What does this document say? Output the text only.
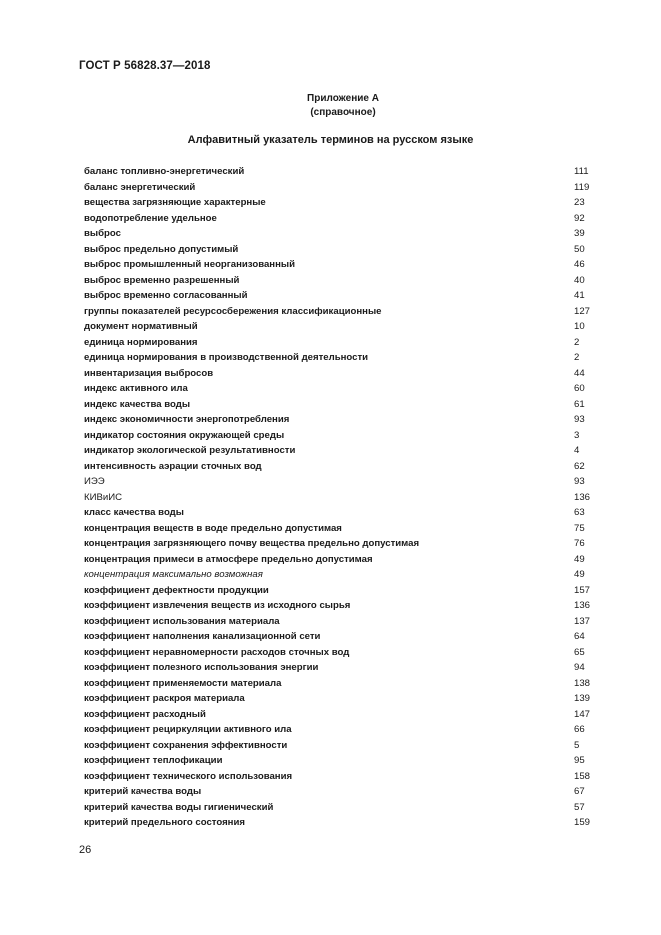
ГОСТ Р 56828.37—2018
Приложение А
(справочное)
Алфавитный указатель терминов на русском языке
баланс топливно-энергетический	111
баланс энергетический	119
вещества загрязняющие характерные	23
водопотребление удельное	92
выброс	39
выброс предельно допустимый	50
выброс промышленный неорганизованный	46
выброс временно разрешенный	40
выброс временно согласованный	41
группы показателей ресурсосбережения классификационные	127
документ нормативный	10
единица нормирования	2
единица нормирования в производственной деятельности	2
инвентаризация выбросов	44
индекс активного ила	60
индекс качества воды	61
индекс экономичности энергопотребления	93
индикатор состояния окружающей среды	3
индикатор экологической результативности	4
интенсивность аэрации сточных вод	62
ИЭЭ	93
КИВиИС	136
класс качества воды	63
концентрация веществ в воде предельно допустимая	75
концентрация загрязняющего почву вещества предельно допустимая	76
концентрация примеси в атмосфере предельно допустимая	49
концентрация максимально возможная	49
коэффициент дефектности продукции	157
коэффициент извлечения веществ из исходного сырья	136
коэффициент использования материала	137
коэффициент наполнения канализационной сети	64
коэффициент неравномерности расходов сточных вод	65
коэффициент полезного использования энергии	94
коэффициент применяемости материала	138
коэффициент раскроя материала	139
коэффициент расходный	147
коэффициент рециркуляции активного ила	66
коэффициент сохранения эффективности	5
коэффициент теплофикации	95
коэффициент технического использования	158
критерий качества воды	67
критерий качества воды гигиенический	57
критерий предельного состояния	159
26
